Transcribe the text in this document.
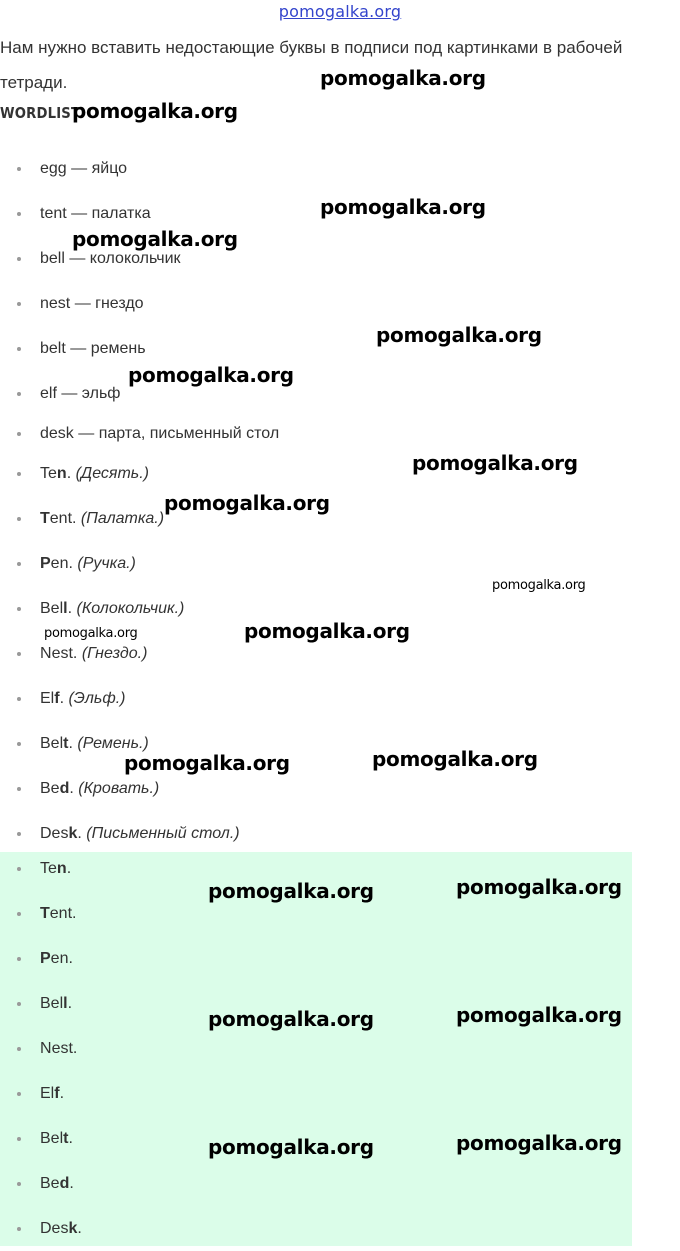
pomogalka.org
Нам нужно вставить недостающие буквы в подписи под картинками в рабочей тетради.
WORDLIST
egg — яйцо
tent — палатка
bell — колокольчик
nest — гнездо
belt — ремень
elf — эльф
desk — парта, письменный стол
Ten. (Десять.)
Tent. (Палатка.)
Pen. (Ручка.)
Bell. (Колокольчик.)
Nest. (Гнездо.)
Elf. (Эльф.)
Belt. (Ремень.)
Bed. (Кровать.)
Desk. (Письменный стол.)
Ten.
Tent.
Pen.
Bell.
Nest.
Elf.
Belt.
Bed.
Desk.
pomogalka.org
pomogalka.org
pomogalka.org
pomogalka.org
pomogalka.org
pomogalka.org
pomogalka.org
pomogalka.org
pomogalka.org
pomogalka.org	pomogalka.org
pomogalka.org
pomogalka.org
pomogalka.org	pomogalka.org
pomogalka.org	pomogalka.org
pomogalka.org	pomogalka.org
